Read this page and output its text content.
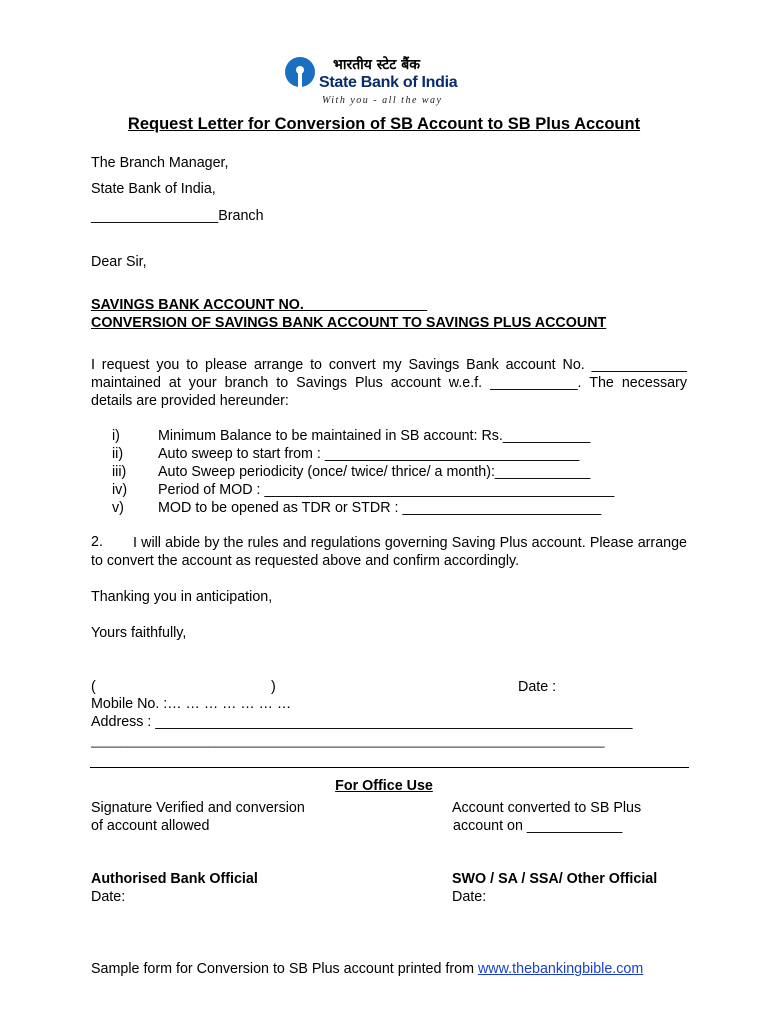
भारतीय स्टेट बैंक
State Bank of India
With you - all the way
Request Letter for Conversion of SB Account to SB Plus Account
The Branch Manager,
State Bank of India,
________________Branch
Dear Sir,
SAVINGS BANK ACCOUNT NO. _______________
CONVERSION OF SAVINGS BANK ACCOUNT TO SAVINGS PLUS ACCOUNT
I request you to please arrange to convert my Savings Bank account No. ____________ maintained at your branch to Savings Plus account w.e.f. ___________. The necessary details are provided hereunder:
i)	Minimum Balance to be maintained in SB account: Rs.___________
ii) Auto sweep to start from : ________________________________
iii) Auto Sweep periodicity (once/ twice/ thrice/ a month):____________
iv) Period of MOD : ____________________________________________
v) MOD to be opened as TDR or STDR : _________________________
2.	I will abide by the rules and regulations governing Saving Plus account. Please arrange to convert the account as requested above and confirm accordingly.
Thanking you in anticipation,
Yours faithfully,
(	)	Date :
Mobile No. :… … … … … … …
Address : ____________________________________________________________
______________________________________________________________________
For Office Use
Signature Verified and conversion
of account allowed
Account converted to SB Plus
account on ____________
Authorised Bank Official	SWO / SA / SSA/ Other Official
Date:	Date:
Sample form for Conversion to SB Plus account printed from www.thebankingbible.com
